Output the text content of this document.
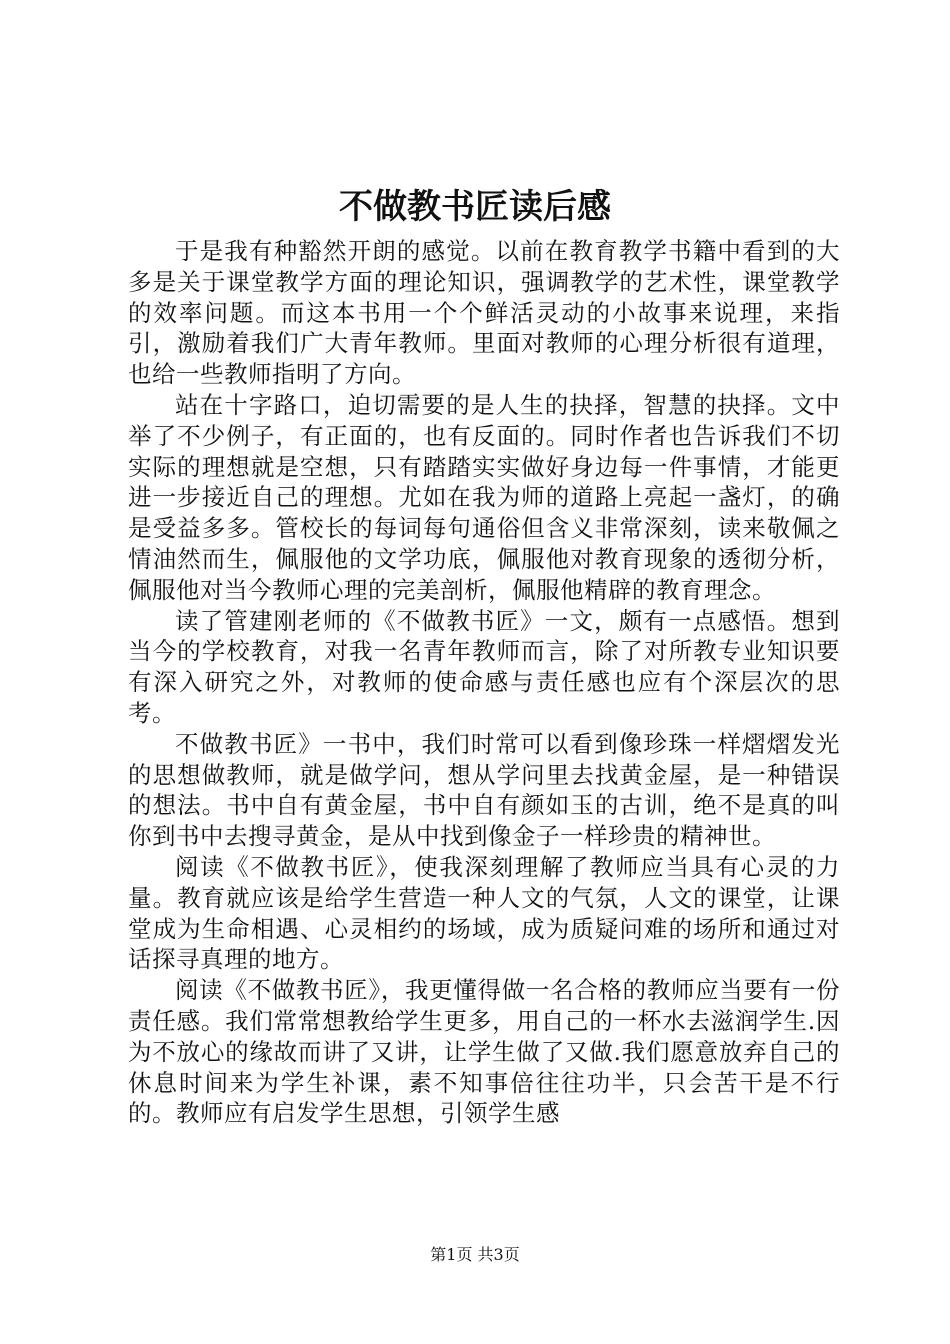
不做教书匠读后感

于是我有种豁然开朗的感觉。以前在教育教学书籍中看到的大多是关于课堂教学方面的理论知识，强调教学的艺术性，课堂教学的效率问题。而这本书用一个个鲜活灵动的小故事来说理，来指引，激励着我们广大青年教师。里面对教师的心理分析很有道理，也给一些教师指明了方向。

站在十字路口，迫切需要的是人生的抉择，智慧的抉择。文中举了不少例子，有正面的，也有反面的。同时作者也告诉我们不切实际的理想就是空想，只有踏踏实实做好身边每一件事情，才能更进一步接近自己的理想。尤如在我为师的道路上亮起一盏灯，的确是受益多多。管校长的每词每句通俗但含义非常深刻，读来敬佩之情油然而生，佩服他的文学功底，佩服他对教育现象的透彻分析，佩服他对当今教师心理的完美剖析，佩服他精辟的教育理念。

读了管建刚老师的《不做教书匠》一文，颇有一点感悟。想到当今的学校教育，对我一名青年教师而言，除了对所教专业知识要有深入研究之外，对教师的使命感与责任感也应有个深层次的思考。

不做教书匠》一书中，我们时常可以看到像珍珠一样熠熠发光的思想做教师，就是做学问，想从学问里去找黄金屋，是一种错误的想法。书中自有黄金屋，书中自有颜如玉的古训，绝不是真的叫你到书中去搜寻黄金，是从中找到像金子一样珍贵的精神世。

阅读《不做教书匠》，使我深刻理解了教师应当具有心灵的力量。教育就应该是给学生营造一种人文的气氛，人文的课堂，让课堂成为生命相遇、心灵相约的场域，成为质疑问难的场所和通过对话探寻真理的地方。

阅读《不做教书匠》，我更懂得做一名合格的教师应当要有一份责任感。我们常常想教给学生更多，用自己的一杯水去滋润学生.因为不放心的缘故而讲了又讲，让学生做了又做.我们愿意放弃自己的休息时间来为学生补课，素不知事倍往往功半，只会苦干是不行的。教师应有启发学生思想，引领学生感

第1页 共3页
